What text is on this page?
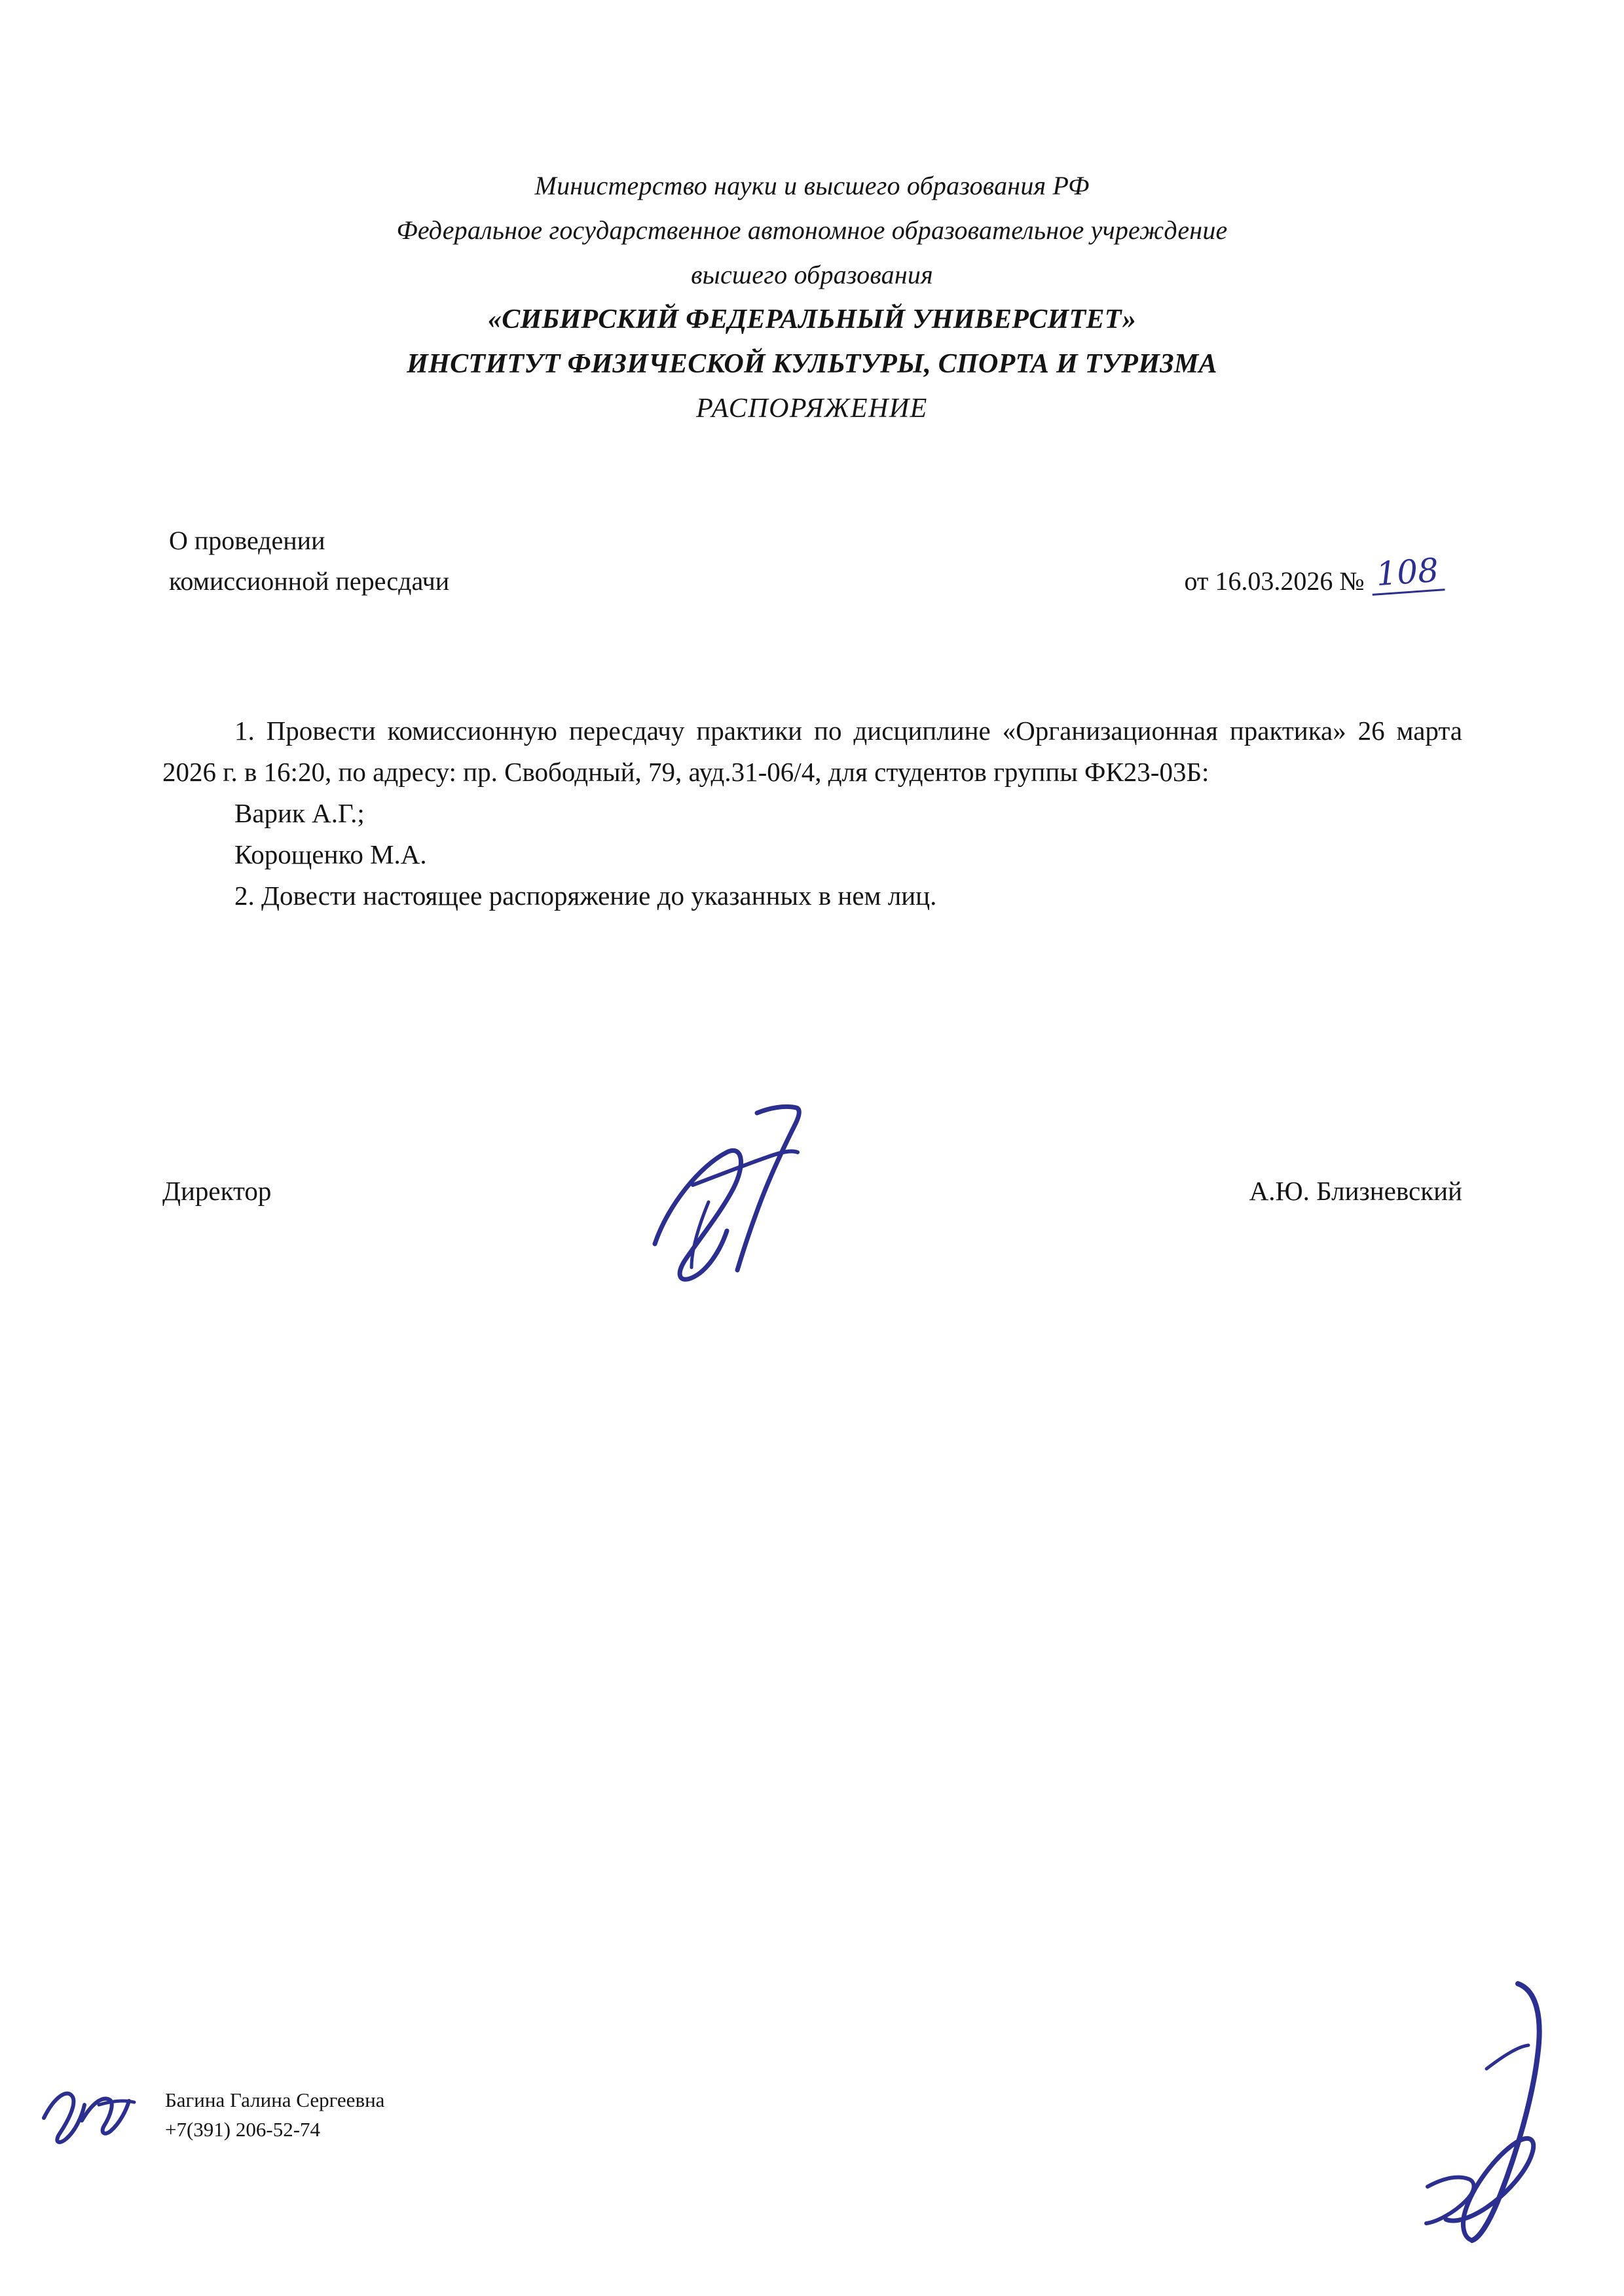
Министерство науки и высшего образования РФ
Федеральное государственное автономное образовательное учреждение
высшего образования
«СИБИРСКИЙ ФЕДЕРАЛЬНЫЙ УНИВЕРСИТЕТ»
ИНСТИТУТ ФИЗИЧЕСКОЙ КУЛЬТУРЫ, СПОРТА И ТУРИЗМА
РАСПОРЯЖЕНИЕ
О проведении
комиссионной пересдачи	от 16.03.2026 № 108

1. Провести комиссионную пересдачу практики по дисциплине «Организационная практика» 26 марта 2026 г. в 16:20, по адресу: пр. Свободный, 79, ауд.31-06/4, для студентов группы ФК23-03Б:

Варик А.Г.;

Корощенко М.А.

2. Довести настоящее распоряжение до указанных в нем лиц.

Директор	А.Ю. Близневский
Багина Галина Сергеевна
+7(391) 206-52-74
